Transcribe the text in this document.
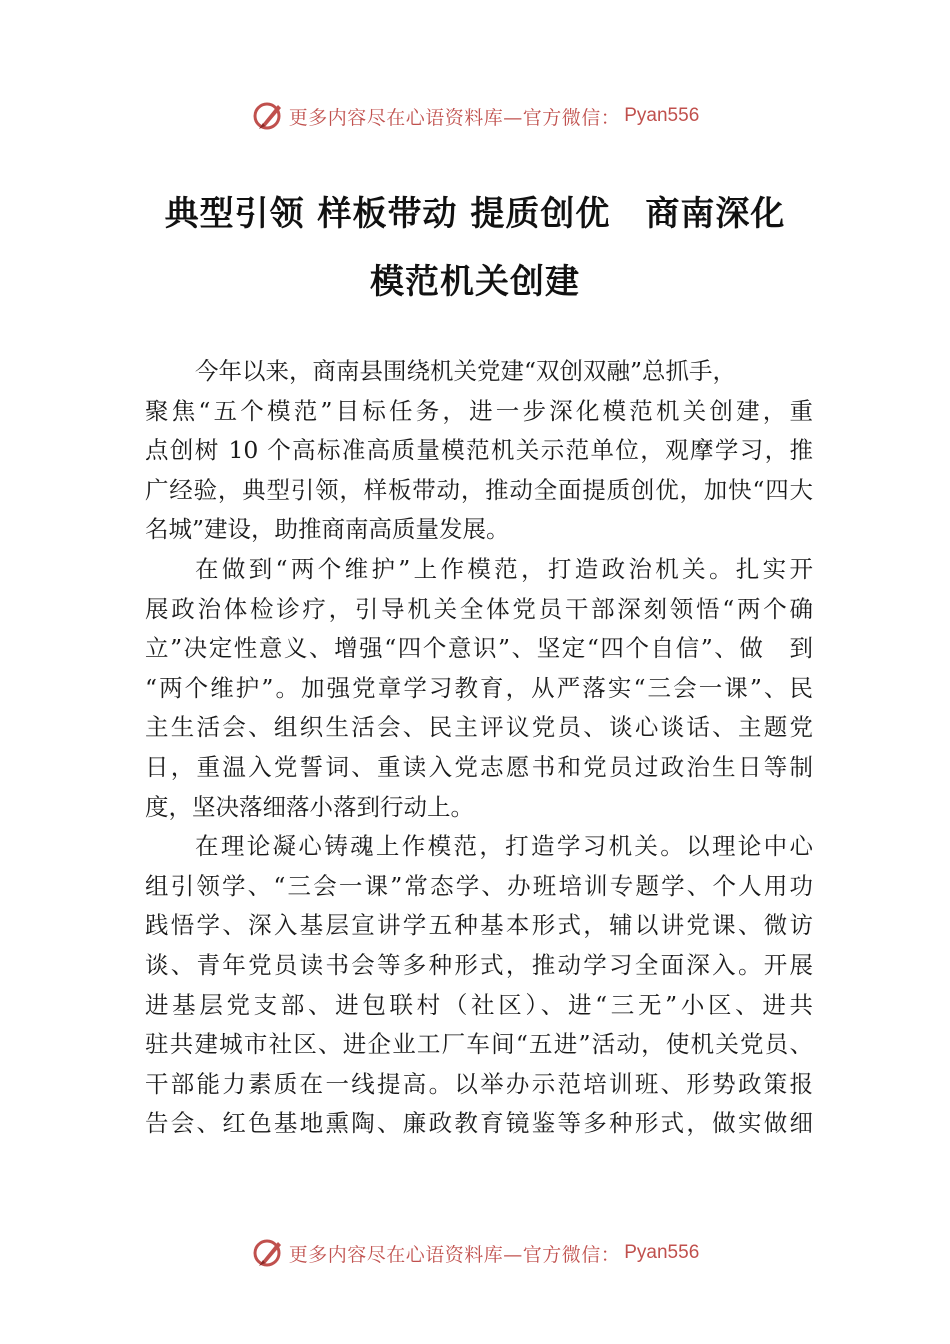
更多内容尽在心语资料库—官方微信： Pyan556
典型引领 样板带动 提质创优　商南深化
模范机关创建
今年以来，商南县围绕机关党建“双创双融”总抓手，
聚焦“五个模范”目标任务，进一步深化模范机关创建，重
点创树 10 个高标准高质量模范机关示范单位，观摩学习，推
广经验，典型引领，样板带动，推动全面提质创优，加快“四大
名城”建设，助推商南高质量发展。
在做到“两个维护”上作模范，打造政治机关。扎实开
展政治体检诊疗，引导机关全体党员干部深刻领悟“两个确
立”决定性意义、增强“四个意识”、坚定“四个自信”、做　到
“两个维护”。加强党章学习教育，从严落实“三会一课”、民
主生活会、组织生活会、民主评议党员、谈心谈话、主题党
日，重温入党誓词、重读入党志愿书和党员过政治生日等制
度，坚决落细落小落到行动上。
在理论凝心铸魂上作模范，打造学习机关。以理论中心
组引领学、“三会一课”常态学、办班培训专题学、个人用功
践悟学、深入基层宣讲学五种基本形式，辅以讲党课、微访
谈、青年党员读书会等多种形式，推动学习全面深入。开展
进基层党支部、进包联村（社区）、进“三无”小区、进共
驻共建城市社区、进企业工厂车间“五进”活动，使机关党员、
干部能力素质在一线提高。以举办示范培训班、形势政策报
告会、红色基地熏陶、廉政教育镜鉴等多种形式，做实做细
更多内容尽在心语资料库—官方微信： Pyan556
